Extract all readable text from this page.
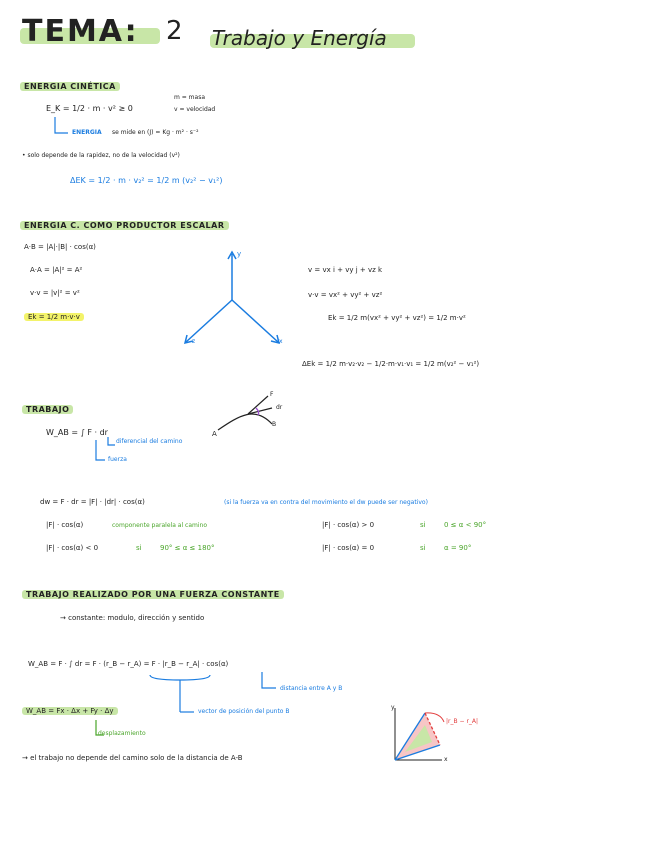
TEMA: 2 Trabajo y Energía
ENERGIA CINÉTICA
E_K = 1/2 · m · v² ≥ 0
m = masa
v = velocidad
ENERGIA se mide en (J) = Kg · m² · s⁻²
• solo depende de la rapidez, no de la velocidad (v²)
ΔEK = 1/2 · m · v₂² = 1/2 m (v₂² − v₁²)
ENERGIA C. COMO PRODUCTOR ESCALAR
A·B = |A|·|B| · cos(α)
A·A = |A|² = A²
v·v = |v|² = v²
Ek = 1/2 m·v·v
y
z	x
v = vx i + vy j + vz k
v·v = vx² + vy² + vz²
Ek = 1/2 m(vx² + vy² + vz²) = 1/2 m·v²
ΔEk = 1/2 m·v₂·v₂ − 1/2·m·v₁·v₁ = 1/2 m(v₂² − v₁²)
TRABAJO
W_AB = ∫ F · dr
diferencial del camino
fuerza
A
B
F
dr
dw = F · dr = |F| · |dr| · cos(α)	(si la fuerza va en contra del movimiento el dw puede ser negativo)
|F| · cos(α)	componente paralela al camino	|F| · cos(α) > 0	si	0 ≤ α < 90°
|F| · cos(α) < 0	si	90° ≤ α ≤ 180°	|F| · cos(α) = 0	si	α = 90°
TRABAJO REALIZADO POR UNA FUERZA CONSTANTE
→ constante: modulo, dirección y sentido
W_AB = F · ∫ dr = F · (r_B − r_A) = F · |r_B − r_A| · cos(α)
distancia entre A y B
vector de posición del punto B
W_AB = Fx · Δx + Fy · Δy
desplazamiento
→ el trabajo no depende del camino solo de la distancia de A-B
|r_B − r_A|
y
x
